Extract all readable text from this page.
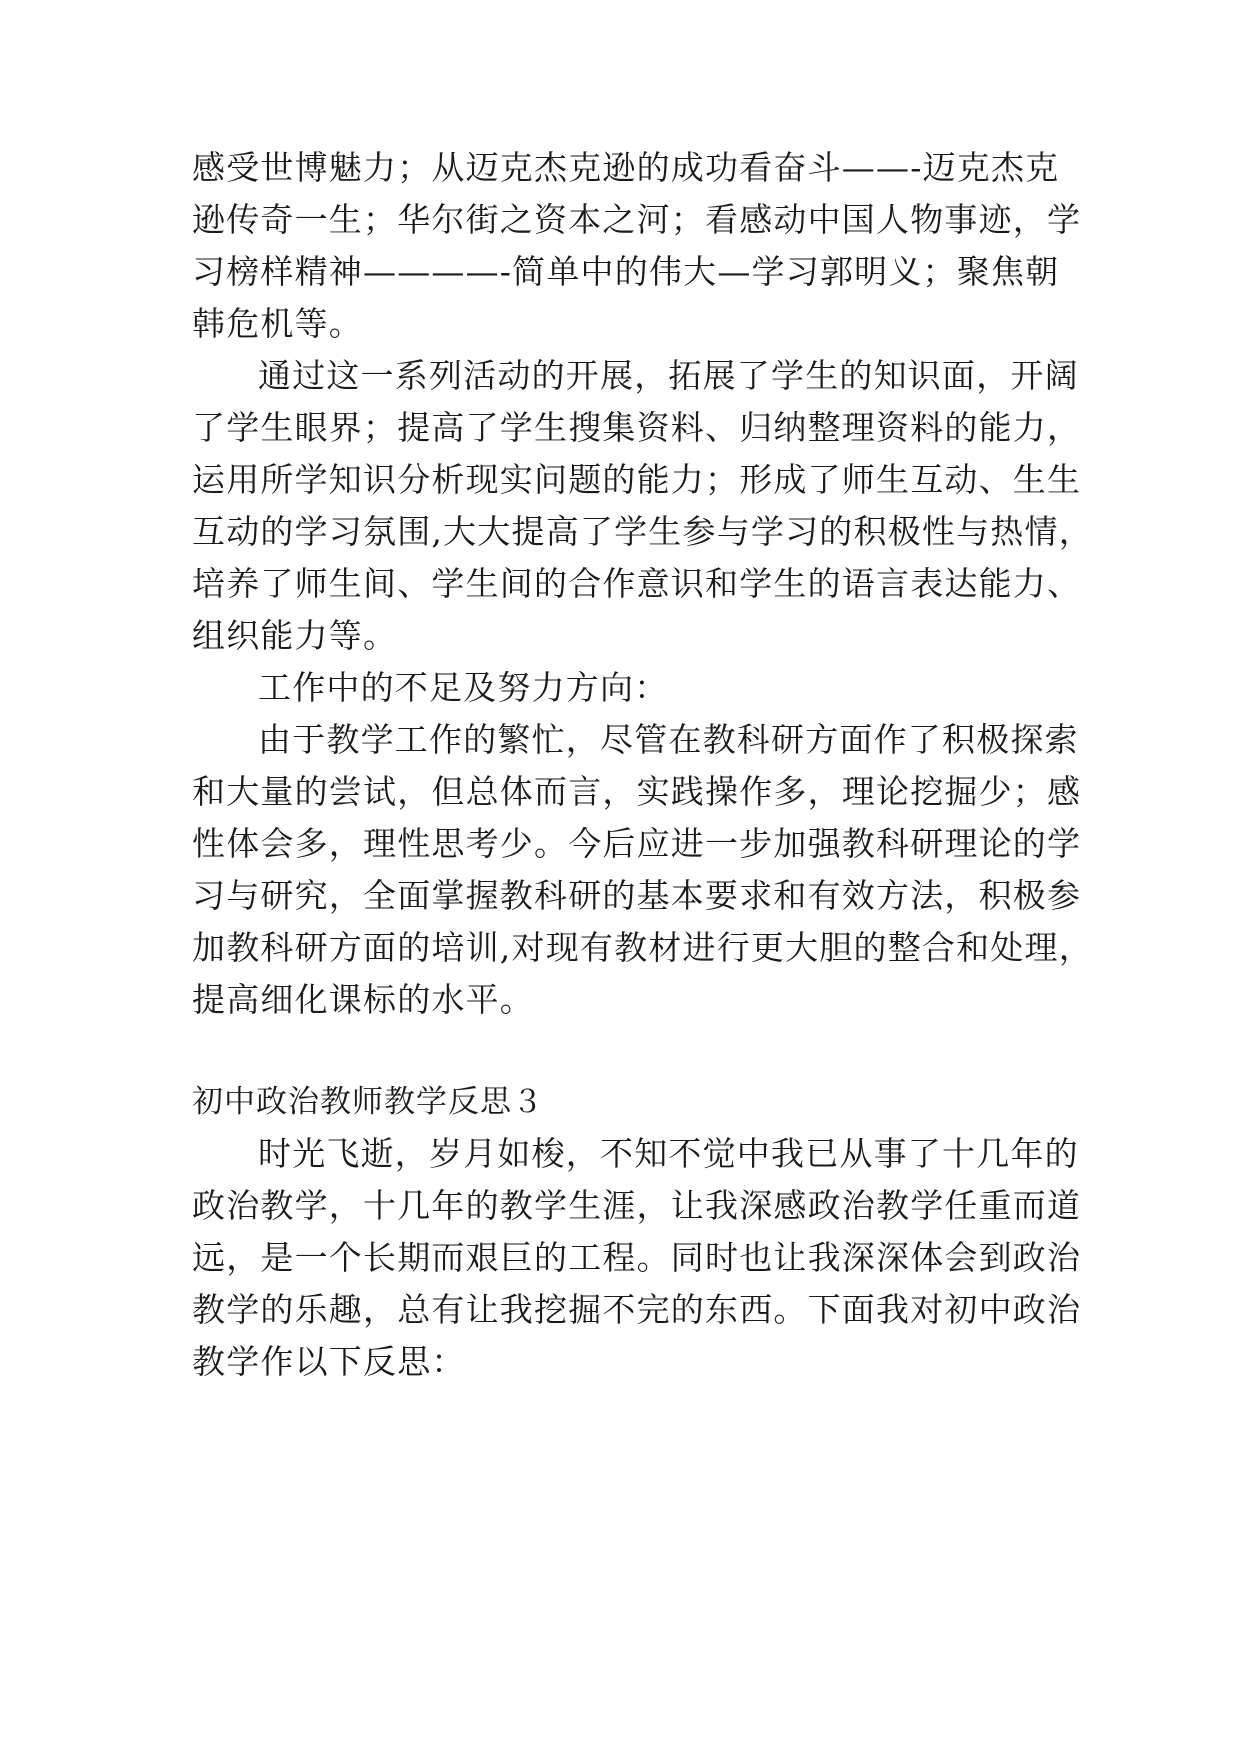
感受世博魅力；从迈克杰克逊的成功看奋斗——-迈克杰克
逊传奇一生；华尔街之资本之河；看感动中国人物事迹，学
习榜样精神————-简单中的伟大—学习郭明义；聚焦朝
韩危机等。
通过这一系列活动的开展，拓展了学生的知识面，开阔
了学生眼界；提高了学生搜集资料、归纳整理资料的能力，
运用所学知识分析现实问题的能力；形成了师生互动、生生
互动的学习氛围,大大提高了学生参与学习的积极性与热情，
培养了师生间、学生间的合作意识和学生的语言表达能力、
组织能力等。
工作中的不足及努力方向：
由于教学工作的繁忙，尽管在教科研方面作了积极探索
和大量的尝试，但总体而言，实践操作多，理论挖掘少；感
性体会多，理性思考少。今后应进一步加强教科研理论的学
习与研究，全面掌握教科研的基本要求和有效方法，积极参
加教科研方面的培训,对现有教材进行更大胆的整合和处理，
提高细化课标的水平。
初中政治教师教学反思３
时光飞逝，岁月如梭，不知不觉中我已从事了十几年的
政治教学，十几年的教学生涯，让我深感政治教学任重而道
远，是一个长期而艰巨的工程。同时也让我深深体会到政治
教学的乐趣，总有让我挖掘不完的东西。下面我对初中政治
教学作以下反思：
